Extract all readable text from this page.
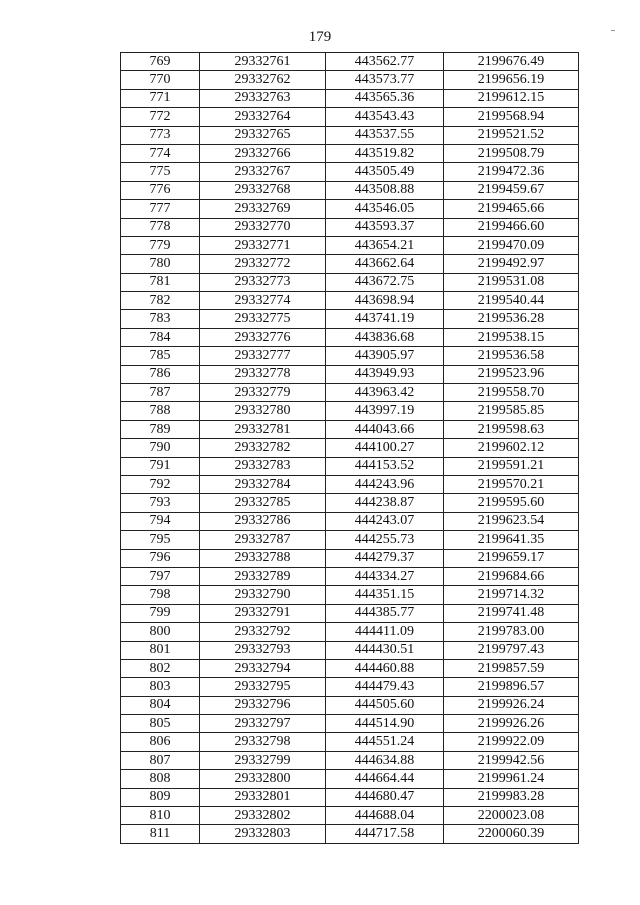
179
769	29332761	443562.77	2199676.49
770	29332762	443573.77	2199656.19
771	29332763	443565.36	2199612.15
772	29332764	443543.43	2199568.94
773	29332765	443537.55	2199521.52
774	29332766	443519.82	2199508.79
775	29332767	443505.49	2199472.36
776	29332768	443508.88	2199459.67
777	29332769	443546.05	2199465.66
778	29332770	443593.37	2199466.60
779	29332771	443654.21	2199470.09
780	29332772	443662.64	2199492.97
781	29332773	443672.75	2199531.08
782	29332774	443698.94	2199540.44
783	29332775	443741.19	2199536.28
784	29332776	443836.68	2199538.15
785	29332777	443905.97	2199536.58
786	29332778	443949.93	2199523.96
787	29332779	443963.42	2199558.70
788	29332780	443997.19	2199585.85
789	29332781	444043.66	2199598.63
790	29332782	444100.27	2199602.12
791	29332783	444153.52	2199591.21
792	29332784	444243.96	2199570.21
793	29332785	444238.87	2199595.60
794	29332786	444243.07	2199623.54
795	29332787	444255.73	2199641.35
796	29332788	444279.37	2199659.17
797	29332789	444334.27	2199684.66
798	29332790	444351.15	2199714.32
799	29332791	444385.77	2199741.48
800	29332792	444411.09	2199783.00
801	29332793	444430.51	2199797.43
802	29332794	444460.88	2199857.59
803	29332795	444479.43	2199896.57
804	29332796	444505.60	2199926.24
805	29332797	444514.90	2199926.26
806	29332798	444551.24	2199922.09
807	29332799	444634.88	2199942.56
808	29332800	444664.44	2199961.24
809	29332801	444680.47	2199983.28
810	29332802	444688.04	2200023.08
811	29332803	444717.58	2200060.39
